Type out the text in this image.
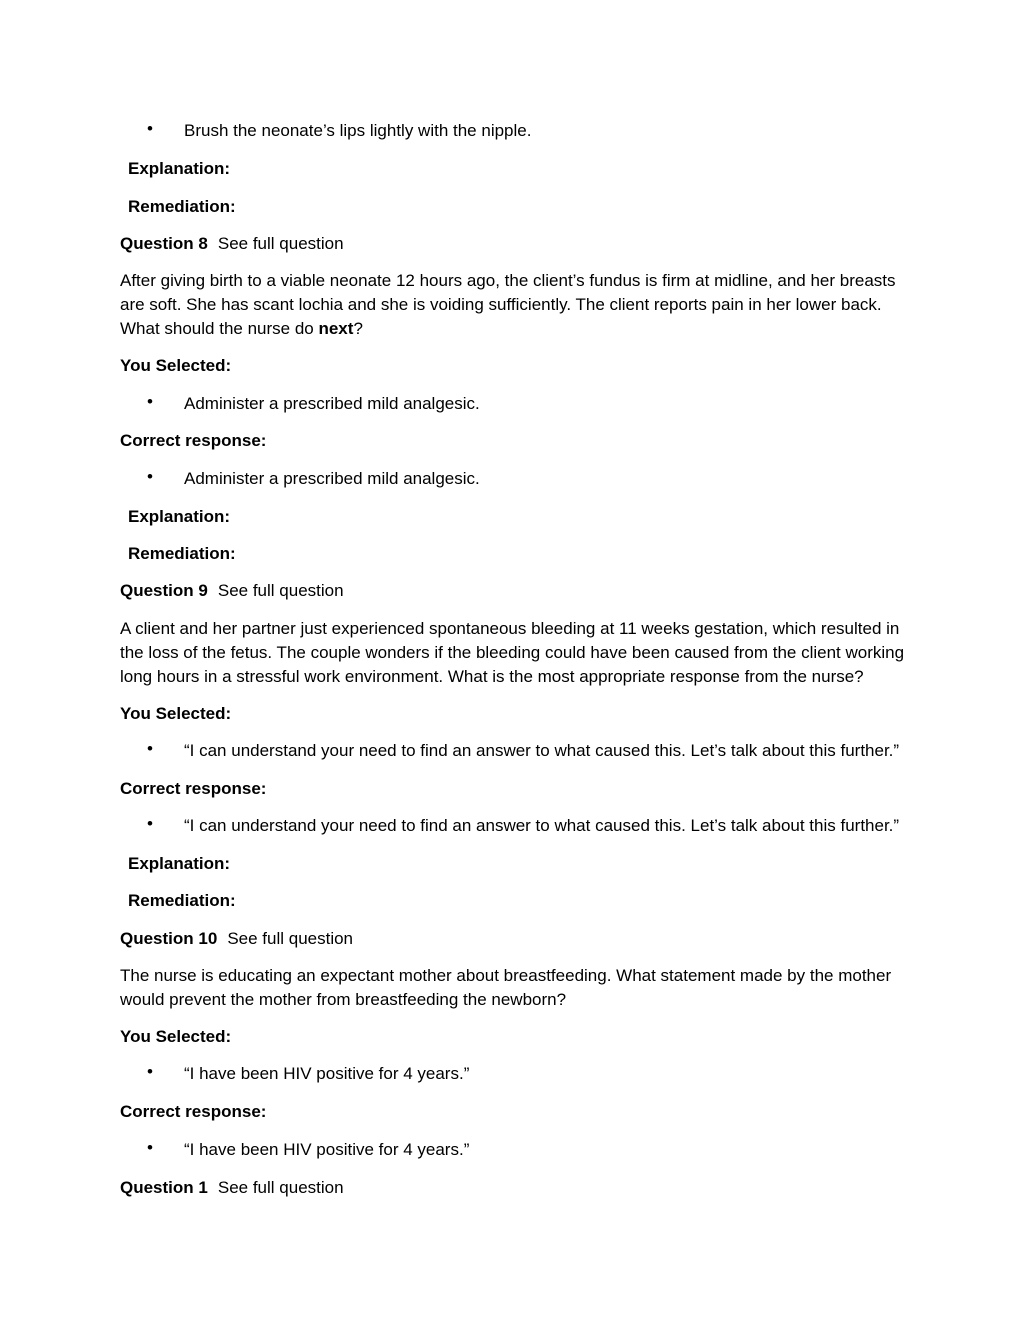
• Brush the neonate’s lips lightly with the nipple.

Explanation:

Remediation:

Question 8 See full question

After giving birth to a viable neonate 12 hours ago, the client’s fundus is firm at midline, and her breasts are soft. She has scant lochia and she is voiding sufficiently. The client reports pain in her lower back. What should the nurse do next?

You Selected:

• Administer a prescribed mild analgesic.

Correct response:

• Administer a prescribed mild analgesic.

Explanation:

Remediation:

Question 9 See full question

A client and her partner just experienced spontaneous bleeding at 11 weeks gestation, which resulted in the loss of the fetus. The couple wonders if the bleeding could have been caused from the client working long hours in a stressful work environment. What is the most appropriate response from the nurse?

You Selected:

• “I can understand your need to find an answer to what caused this. Let’s talk about this further.”

Correct response:

• “I can understand your need to find an answer to what caused this. Let’s talk about this further.”

Explanation:

Remediation:

Question 10 See full question

The nurse is educating an expectant mother about breastfeeding. What statement made by the mother would prevent the mother from breastfeeding the newborn?

You Selected:

• “I have been HIV positive for 4 years.”

Correct response:

• “I have been HIV positive for 4 years.”

Question 1 See full question
